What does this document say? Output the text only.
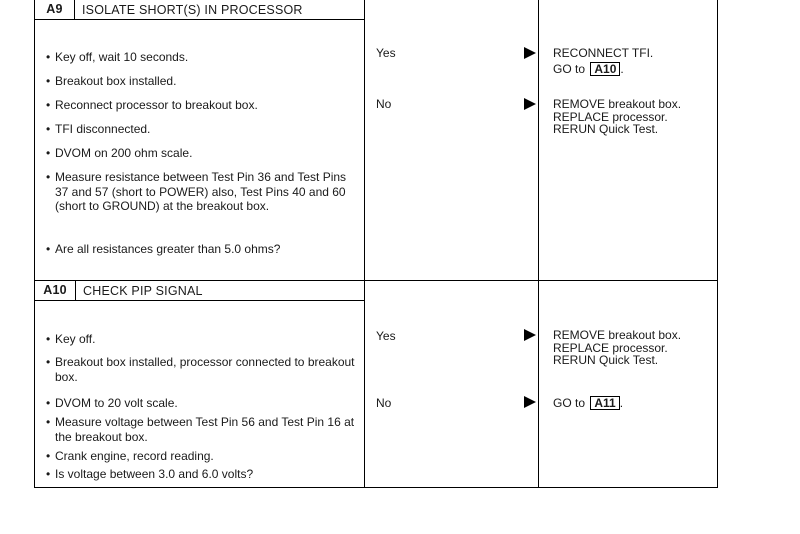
A9	ISOLATE SHORT(S) IN PROCESSOR
• Key off, wait 10 seconds.
• Breakout box installed.
• Reconnect processor to breakout box.
• TFI disconnected.
• DVOM on 200 ohm scale.
• Measure resistance between Test Pin 36 and Test Pins 37 and 57 (short to POWER) also, Test Pins 40 and 60 (short to GROUND) at the breakout box.
• Are all resistances greater than 5.0 ohms?
Yes	RECONNECT TFI.
GO to A10 .
No	REMOVE breakout box.
REPLACE processor.
RERUN Quick Test.
A10	CHECK PIP SIGNAL
• Key off.
• Breakout box installed, processor connected to breakout box.
• DVOM to 20 volt scale.
• Measure voltage between Test Pin 56 and Test Pin 16 at the breakout box.
• Crank engine, record reading.
• Is voltage between 3.0 and 6.0 volts?
Yes	REMOVE breakout box.
REPLACE processor.
RERUN Quick Test.
No	GO to A11 .
